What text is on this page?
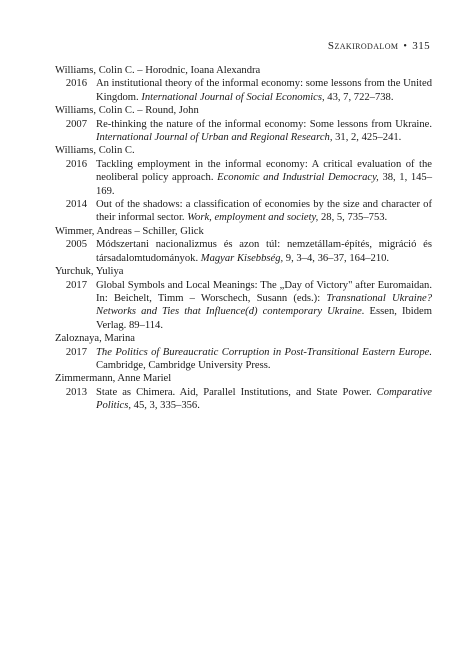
Szakirodalom • 315

Williams, Colin C. – Horodnic, Ioana Alexandra

2016 An institutional theory of the informal economy: some lessons from the United Kingdom. International Journal of Social Economics, 43, 7, 722–738.

Williams, Colin C. – Round, John

2007 Re-thinking the nature of the informal economy: Some lessons from Ukraine. International Journal of Urban and Regional Research, 31, 2, 425–241.

Williams, Colin C.

2016 Tackling employment in the informal economy: A critical evaluation of the neoliberal policy approach. Economic and Industrial Democracy, 38, 1, 145–169.
2014 Out of the shadows: a classification of economies by the size and character of their informal sector. Work, employment and society, 28, 5, 735–753.

Wimmer, Andreas – Schiller, Glick

2005 Módszertani nacionalizmus és azon túl: nemzetállam-építés, migráció és társadalomtudományok. Magyar Kisebbség, 9, 3–4, 36–37, 164–210.

Yurchuk, Yuliya

2017 Global Symbols and Local Meanings: The „Day of Victory" after Euromaidan. In: Beichelt, Timm – Worschech, Susann (eds.): Transnational Ukraine? Networks and Ties that Influence(d) contemporary Ukraine. Essen, Ibidem Verlag. 89–114.

Zaloznaya, Marina

2017 The Politics of Bureaucratic Corruption in Post-Transitional Eastern Europe. Cambridge, Cambridge University Press.

Zimmermann, Anne Mariel

2013 State as Chimera. Aid, Parallel Institutions, and State Power. Comparative Politics, 45, 3, 335–356.
